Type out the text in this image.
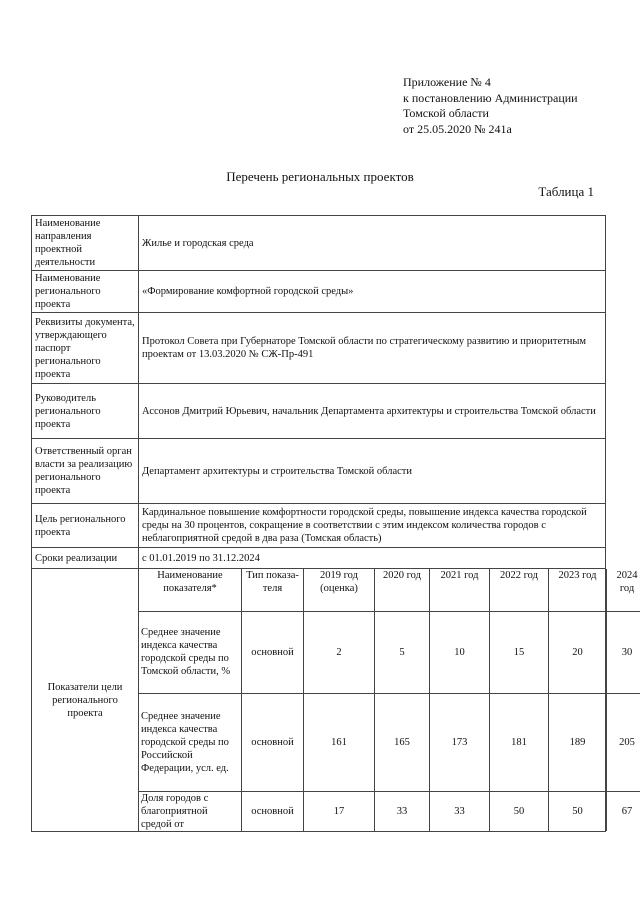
Приложение № 4
к постановлению Администрации
Томской области
от 25.05.2020 № 241а
Перечень региональных проектов
Таблица 1
Наименование направления проектной деятельности	Жилье и городская среда
Наименование регионального проекта	«Формирование комфортной городской среды»
Реквизиты документа, утверждающего паспорт регионального проекта	Протокол Совета при Губернаторе Томской области по стратегическому развитию и приоритетным проектам от 13.03.2020 № СЖ-Пр-491
Руководитель регионального проекта	Ассонов Дмитрий Юрьевич, начальник Департамента архитектуры и строительства Томской области
Ответственный орган власти за реализацию регионального проекта	Департамент архитектуры и строительства Томской области
Цель регионального проекта	Кардинальное повышение комфортности городской среды, повышение индекса качества городской среды на 30 процентов, сокращение в соответствии с этим индексом количества городов с неблагоприятной средой в два раза (Томская область)
Сроки реализации	с 01.01.2019 по 31.12.2024
Показатели цели регионального проекта	
Наименование показателя*	Тип показа-теля	2019 год (оценка)	2020 год	2021 год	2022 год	2023 год	2024 год
Среднее значение индекса качества городской среды по Томской области, %	основной	2	5	10	15	20	30
Среднее значение индекса качества городской среды по Российской Федерации, усл. ед.	основной	161	165	173	181	189	205
Доля городов с благоприятной средой от	основной	17	33	33	50	50	67
